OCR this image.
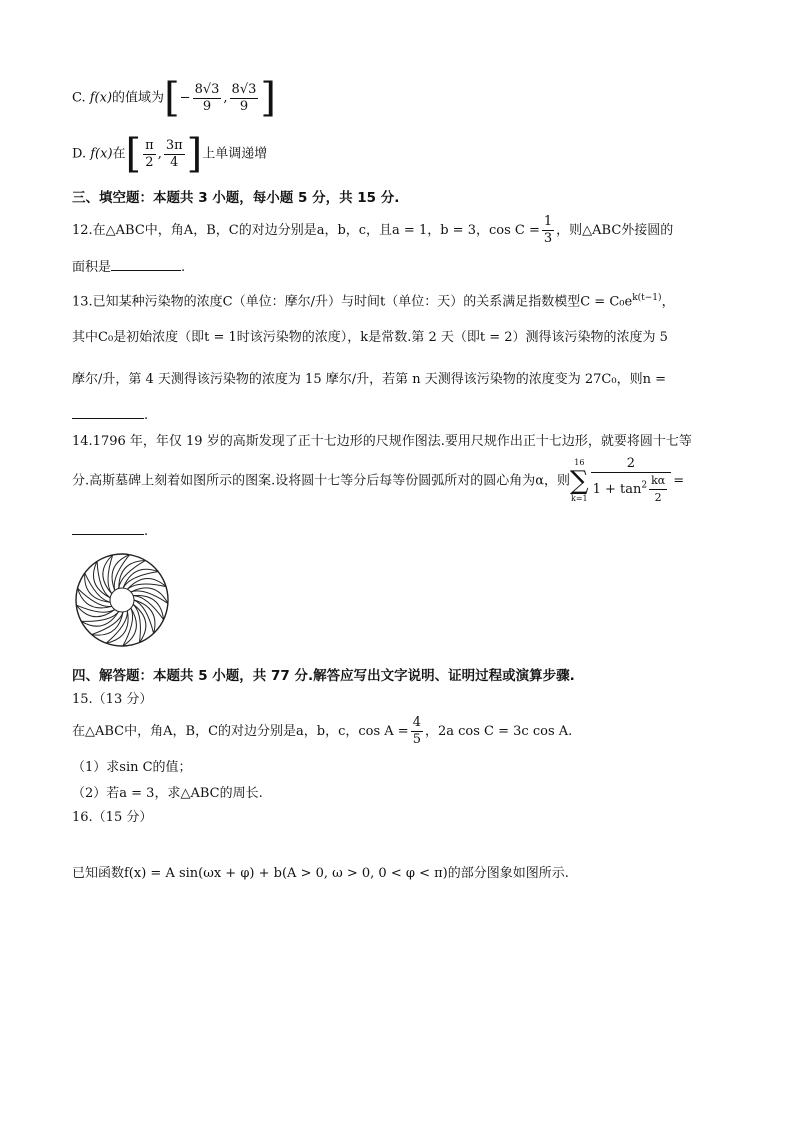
C. f(x)的值域为[− $\frac{8√3}{9}$ , $\frac{8√3}{9}$ ]
D. f(x)在[ $\frac{\pi}{2}$ , $\frac{3\pi}{4}$ ]上单调递增
三、填空题：本题共 3 小题，每小题 5 分，共 15 分.
12.在△ABC中，角A，B，C的对边分别是a，b，c，且a = 1，b = 3，$\cos C = \frac{1}{3}$ ，则△ABC外接圆的
面积是	.
13.已知某种污染物的浓度C（单位：摩尔/升）与时间t（单位：天）的关系满足指数模型$C = C_0e^{k(t-1)}$，
其中C₀是初始浓度（即t = 1时该污染物的浓度），k是常数.第 2 天（即t = 2）测得该污染物的浓度为 5
摩尔/升，第 4 天测得该污染物的浓度为 15 摩尔/升，若第 n 天测得该污染物的浓度变为 27C₀，则n =
.
14.1796 年，年仅 19 岁的高斯发现了正十七边形的尺规作图法.要用尺规作出正十七边形，就要将圆十七等
分.高斯墓碑上刻着如图所示的图案.设将圆十七等分后每等份圆弧所对的圆心角为α，则
16
∑
$k=1 \frac{2}{1 + \tan^2 \frac{k\alpha}{2}}$ =
.
四、解答题：本题共 5 小题，共 77 分.解答应写出文字说明、证明过程或演算步骤.
15.（13 分）
在△ABC中，角A，B，C的对边分别是a，b，c，$\cos A = \frac{4}{5}$ ，2a cos C = 3c cos A.
（1）求sin C的值；
（2）若a = 3，求△ABC的周长.
16.（15 分）
已知函数f(x) = A sin(ωx + φ) + b(A > 0, ω > 0, 0 < φ < π)的部分图象如图所示.
